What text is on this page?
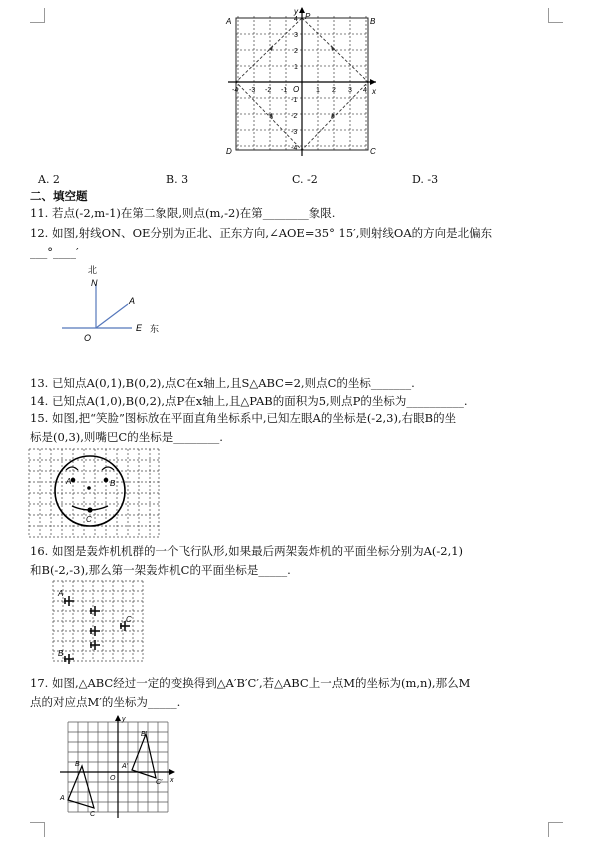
A	B
C
D
P
y
x
O
-4 -3 -2 -1	1 2 3 4
4
3
2
1
-1
-2
-3
-4
A. 2	B. 3	C. -2	D. -3
二、填空题
11. 若点(-2,m-1)在第二象限,则点(m,-2)在第________象限.
12. 如图,射线ON、OE分别为正北、正东方向,∠AOE=35° 15′,则射线OA的方向是北偏东
___°____′
北
N
A
E 东
O
13. 已知点A(0,1),B(0,2),点C在x轴上,且S△ABC=2,则点C的坐标_______.
14. 已知点A(1,0),B(0,2),点P在x轴上,且△PAB的面积为5,则点P的坐标为__________.
15. 如图,把“笑脸”图标放在平面直角坐标系中,已知左眼A的坐标是(-2,3),右眼B的坐
标是(0,3),则嘴巴C的坐标是________.
A	B
C
16. 如图是轰炸机机群的一个飞行队形,如果最后两架轰炸机的平面坐标分别为A(-2,1)
和B(-2,-3),那么第一架轰炸机C的平面坐标是_____.
A
C
B
17. 如图,△ABC经过一定的变换得到△A′B′C′,若△ABC上一点M的坐标为(m,n),那么M
点的对应点M′的坐标为_____.
y
x
O
B
A
C
B′
A′
C′
